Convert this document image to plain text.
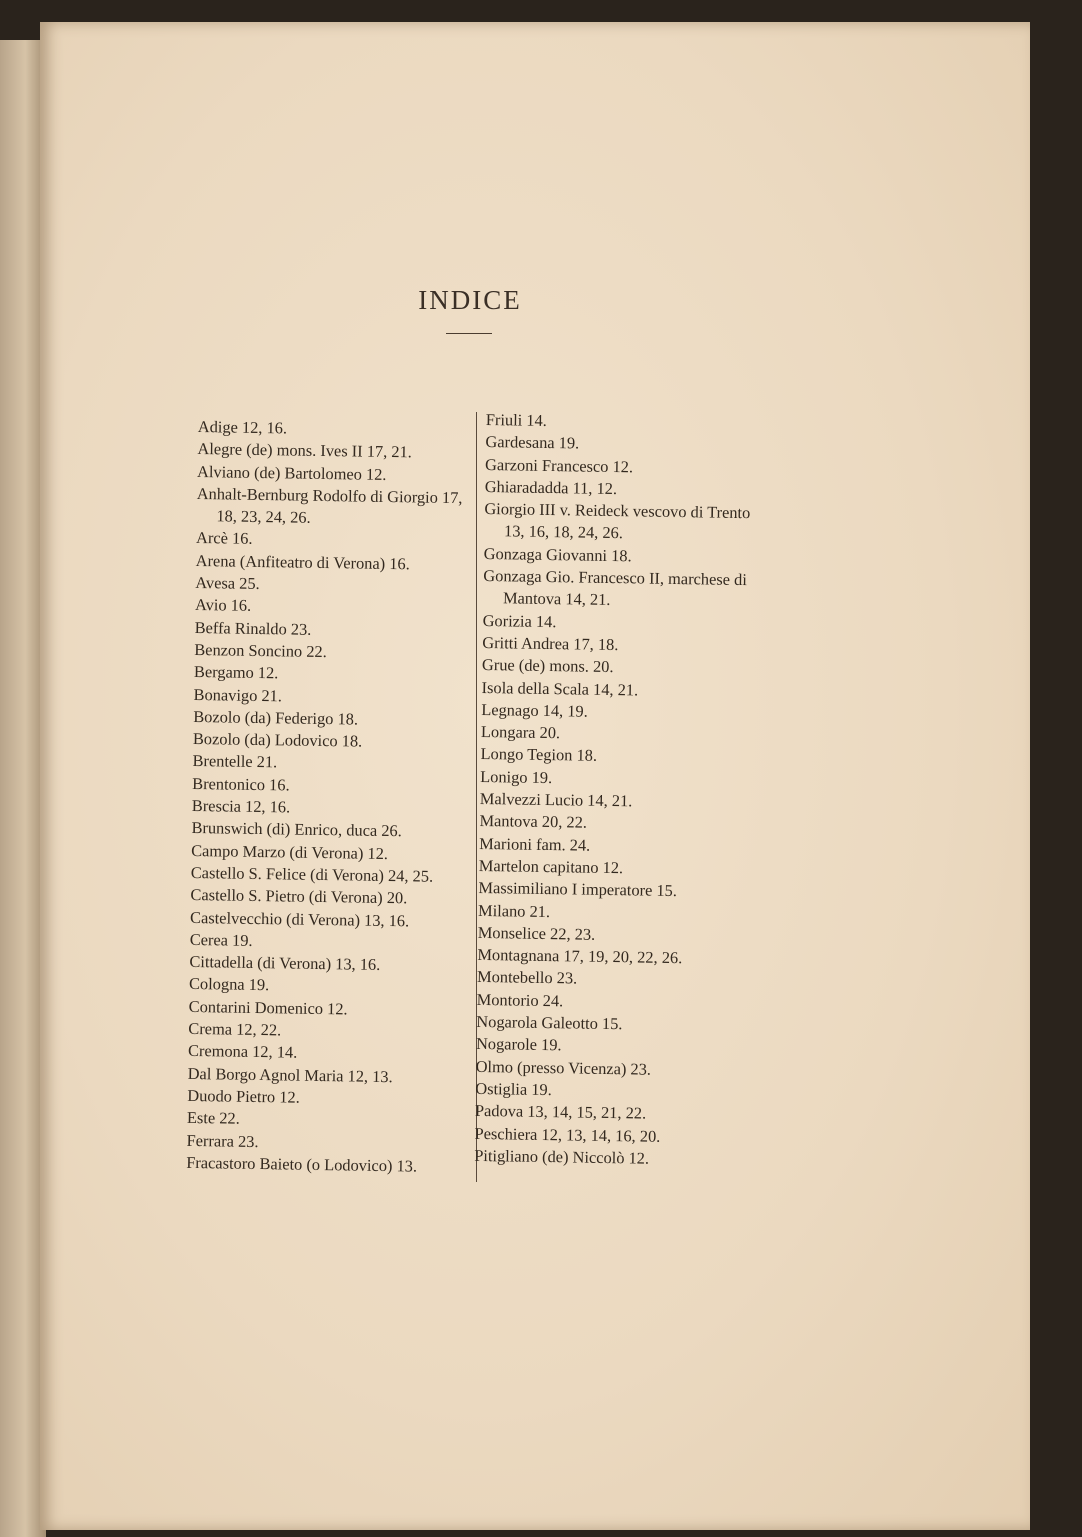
INDICE
Adige 12, 16.
Alegre (de) mons. Ives II 17, 21.
Alviano (de) Bartolomeo 12.
Anhalt-Bernburg Rodolfo di Giorgio 17, 18, 23, 24, 26.
Arcè 16.
Arena (Anfiteatro di Verona) 16.
Avesa 25.
Avio 16.
Beffa Rinaldo 23.
Benzon Soncino 22.
Bergamo 12.
Bonavigo 21.
Bozolo (da) Federigo 18.
Bozolo (da) Lodovico 18.
Brentelle 21.
Brentonico 16.
Brescia 12, 16.
Brunswich (di) Enrico, duca 26.
Campo Marzo (di Verona) 12.
Castello S. Felice (di Verona) 24, 25.
Castello S. Pietro (di Verona) 20.
Castelvecchio (di Verona) 13, 16.
Cerea 19.
Cittadella (di Verona) 13, 16.
Cologna 19.
Contarini Domenico 12.
Crema 12, 22.
Cremona 12, 14.
Dal Borgo Agnol Maria 12, 13.
Duodo Pietro 12.
Este 22.
Ferrara 23.
Fracastoro Baieto (o Lodovico) 13.
Friuli 14.
Gardesana 19.
Garzoni Francesco 12.
Ghiaradadda 11, 12.
Giorgio III v. Reideck vescovo di Trento 13, 16, 18, 24, 26.
Gonzaga Giovanni 18.
Gonzaga Gio. Francesco II, marchese di Mantova 14, 21.
Gorizia 14.
Gritti Andrea 17, 18.
Grue (de) mons. 20.
Isola della Scala 14, 21.
Legnago 14, 19.
Longara 20.
Longo Tegion 18.
Lonigo 19.
Malvezzi Lucio 14, 21.
Mantova 20, 22.
Marioni fam. 24.
Martelon capitano 12.
Massimiliano I imperatore 15.
Milano 21.
Monselice 22, 23.
Montagnana 17, 19, 20, 22, 26.
Montebello 23.
Montorio 24.
Nogarola Galeotto 15.
Nogarole 19.
Olmo (presso Vicenza) 23.
Ostiglia 19.
Padova 13, 14, 15, 21, 22.
Peschiera 12, 13, 14, 16, 20.
Pitigliano (de) Niccolò 12.
